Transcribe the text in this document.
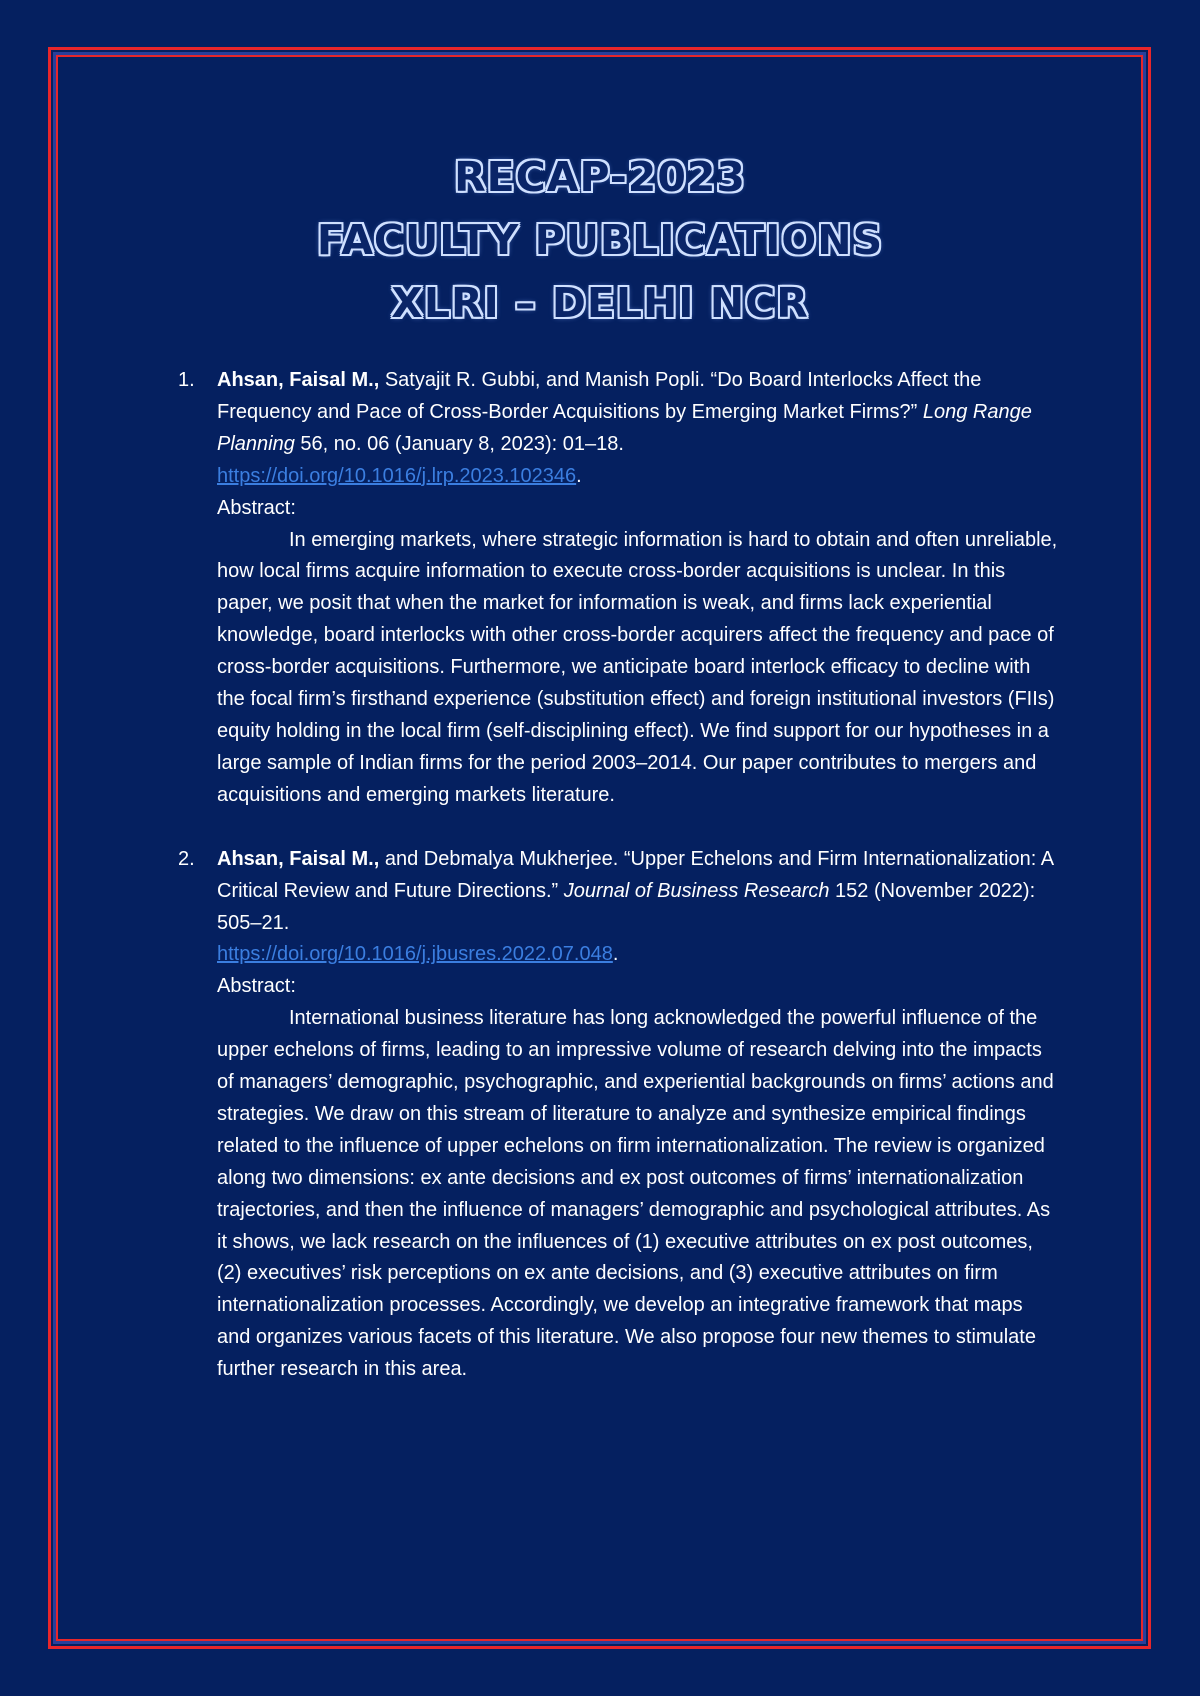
RECAP-2023
FACULTY PUBLICATIONS
XLRI – DELHI NCR
1. Ahsan, Faisal M., Satyajit R. Gubbi, and Manish Popli. “Do Board Interlocks Affect the Frequency and Pace of Cross-Border Acquisitions by Emerging Market Firms?” Long Range Planning 56, no. 06 (January 8, 2023): 01–18.
https://doi.org/10.1016/j.lrp.2023.102346.
Abstract:

In emerging markets, where strategic information is hard to obtain and often unreliable, how local firms acquire information to execute cross-border acquisitions is unclear. In this paper, we posit that when the market for information is weak, and firms lack experiential knowledge, board interlocks with other cross-border acquirers affect the frequency and pace of cross-border acquisitions. Furthermore, we anticipate board interlock efficacy to decline with the focal firm’s firsthand experience (substitution effect) and foreign institutional investors (FIIs) equity holding in the local firm (self-disciplining effect). We find support for our hypotheses in a large sample of Indian firms for the period 2003–2014. Our paper contributes to mergers and acquisitions and emerging markets literature.

2. Ahsan, Faisal M., and Debmalya Mukherjee. “Upper Echelons and Firm Internationalization: A Critical Review and Future Directions.” Journal of Business Research 152 (November 2022): 505–21.
https://doi.org/10.1016/j.jbusres.2022.07.048.
Abstract:

International business literature has long acknowledged the powerful influence of the upper echelons of firms, leading to an impressive volume of research delving into the impacts of managers’ demographic, psychographic, and experiential backgrounds on firms’ actions and strategies. We draw on this stream of literature to analyze and synthesize empirical findings related to the influence of upper echelons on firm internationalization. The review is organized along two dimensions: ex ante decisions and ex post outcomes of firms’ internationalization trajectories, and then the influence of managers’ demographic and psychological attributes. As it shows, we lack research on the influences of (1) executive attributes on ex post outcomes, (2) executives’ risk perceptions on ex ante decisions, and (3) executive attributes on firm internationalization processes. Accordingly, we develop an integrative framework that maps and organizes various facets of this literature. We also propose four new themes to stimulate further research in this area.
